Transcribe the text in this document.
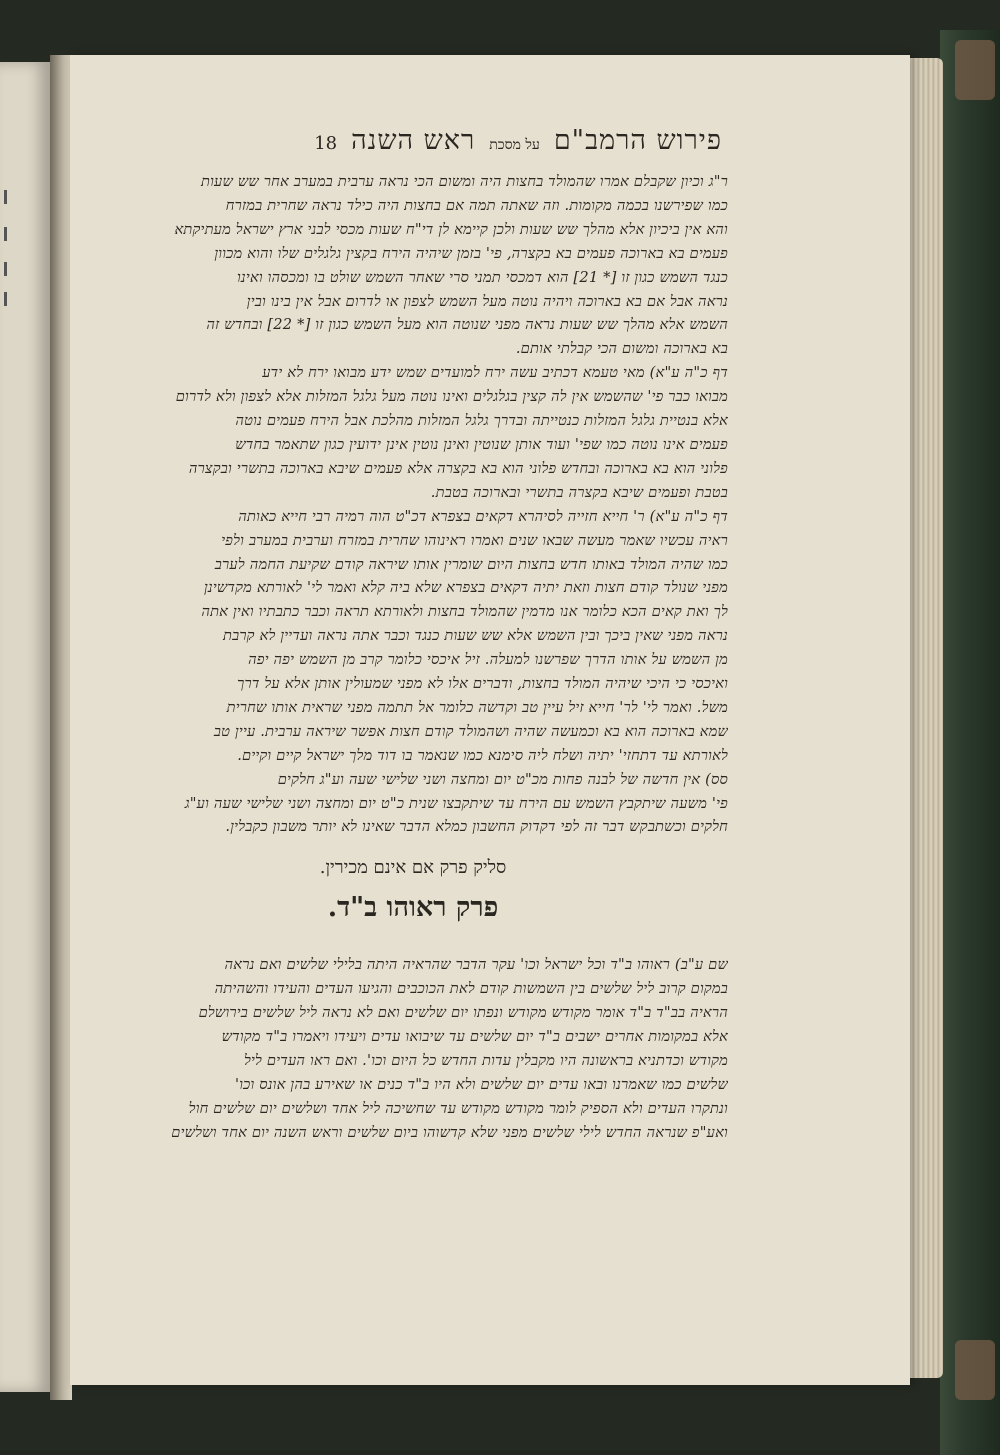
פירוש הרמב"ם
על מסכת
ראש השנה
18

ר"ג וכיון שקבלם אמרו שהמולד בחצות היה ומשום הכי נראה ערבית במערב אחר שש שעות

כמו שפירשנו בכמה מקומות. וזה שאתה תמה אם בחצות היה כילד נראה שחרית במזרח

והא אין ביכיון אלא מהלך שש שעות ולכן קיימא לן די"ח שעות מכסי לבני ארץ ישראל מעתיקתא

פעמים בא בארוכה פעמים בא בקצרה, פי' בזמן שיהיה הירח בקצין גלגלים שלו והוא מכוון

כנגד השמש כגון זו [* 21] הוא דמכסי תמני סרי שאחר השמש שולט בו ומכסהו ואינו

נראה אבל אם בא בארוכה ויהיה נוטה מעל השמש לצפון או לדרום אבל אין בינו ובין

השמש אלא מהלך שש שעות נראה מפני שנוטה הוא מעל השמש כגון זו [* 22] ובחדש זה

בא בארוכה ומשום הכי קבלתי אותם.

דף כ"ה ע"א) מאי טעמא דכתיב עשה ירח למועדים שמש ידע מבואו ירח לא ידע

מבואו כבר פי' שהשמש אין לה קצין בגלגלים ואינו נוטה מעל גלגל המזלות אלא לצפון ולא לדרום

אלא בנטיית גלגל המזלות כנטייתה ובדרך גלגל המזלות מהלכת אבל הירח פעמים נוטה

פעמים אינו נוטה כמו שפי' ועוד אותן שנוטין ואינן נוטין אינן ידועין כגון שתאמר בחדש

פלוני הוא בא בארוכה ובחדש פלוני הוא בא בקצרה אלא פעמים שיבא בארוכה בתשרי ובקצרה

בטבת ופעמים שיבא בקצרה בתשרי ובארוכה בטבת.

דף כ"ה ע"א) ר' חייא חזייה לסיהרא דקאים בצפרא דכ"ט הוה רמיה רבי חייא כאותה

ראיה עכשיו שאמר מעשה שבאו שנים ואמרו ראינוהו שחרית במזרח וערבית במערב ולפי

כמו שהיה המולד באותו חדש בחצות היום שומרין אותו שיראה קודם שקיעת החמה לערב

מפני שנולד קודם חצות וזאת יתיה דקאים בצפרא שלא ביה קלא ואמר לי' לאורתא מקדשינן

לך ואת קאים הכא כלומר אנו מדמין שהמולד בחצות ולאורתא תראה וכבר כתבתיו ואין אתה

נראה מפני שאין ביכך ובין השמש אלא שש שעות כנגד וכבר אתה נראה ועדיין לא קרבת

מן השמש על אותו הדרך שפרשנו למעלה. זיל איכסי כלומר קרב מן השמש יפה יפה

ואיכסי כי היכי שיהיה המולד בחצות, ודברים אלו לא מפני שמעולין אותן אלא על דרך

משל. ואמר לי' לר' חייא זיל עיין טב וקדשה כלומר אל תתמה מפני שראית אותו שחרית

שמא בארוכה הוא בא וכמעשה שהיה ושהמולד קודם חצות אפשר שיראה ערבית. עיין טב

לאורתא עד דתחזי' יתיה ושלח ליה סימנא כמו שנאמר בו דוד מלך ישראל קיים וקיים.

סס) אין חדשה של לבנה פחות מכ"ט יום ומחצה ושני שלישי שעה וע"ג חלקים

פי' משעה שיתקבץ השמש עם הירח עד שיתקבצו שנית כ"ט יום ומחצה ושני שלישי שעה וע"ג

חלקים וכשתבקש דבר זה לפי דקדוק החשבון כמלא הדבר שאינו לא יותר משבון כקבלין.

סליק פרק אם אינם מכירין.
פרק ראוהו ב"ד.

שם ע"ב) ראוהו ב"ד וכל ישראל וכו' עקר הדבר שהראיה היתה בלילי שלשים ואם נראה

במקום קרוב ליל שלשים בין השמשות קודם לאת הכוכבים והגיעו העדים והעידו והשהיתה

הראיה בב"ד ב"ד אומר מקודש מקודש ונפתו יום שלשים ואם לא נראה ליל שלשים בירושלם

אלא במקומות אחרים ישבים ב"ד יום שלשים עד שיבואו עדים ויעידו ויאמרו ב"ד מקודש

מקודש וכדתניא בראשונה היו מקבלין עדות החדש כל היום וכו'. ואם ראו העדים ליל

שלשים כמו שאמרנו ובאו עדים יום שלשים ולא היו ב"ד כנים או שאירע בהן אונס וכו'

ונתקרו העדים ולא הספיק לומר מקודש מקודש עד שחשיכה ליל אחד ושלשים יום שלשים חול

ואע"פ שנראה החדש לילי שלשים מפני שלא קדשוהו ביום שלשים וראש השנה יום אחד ושלשים
